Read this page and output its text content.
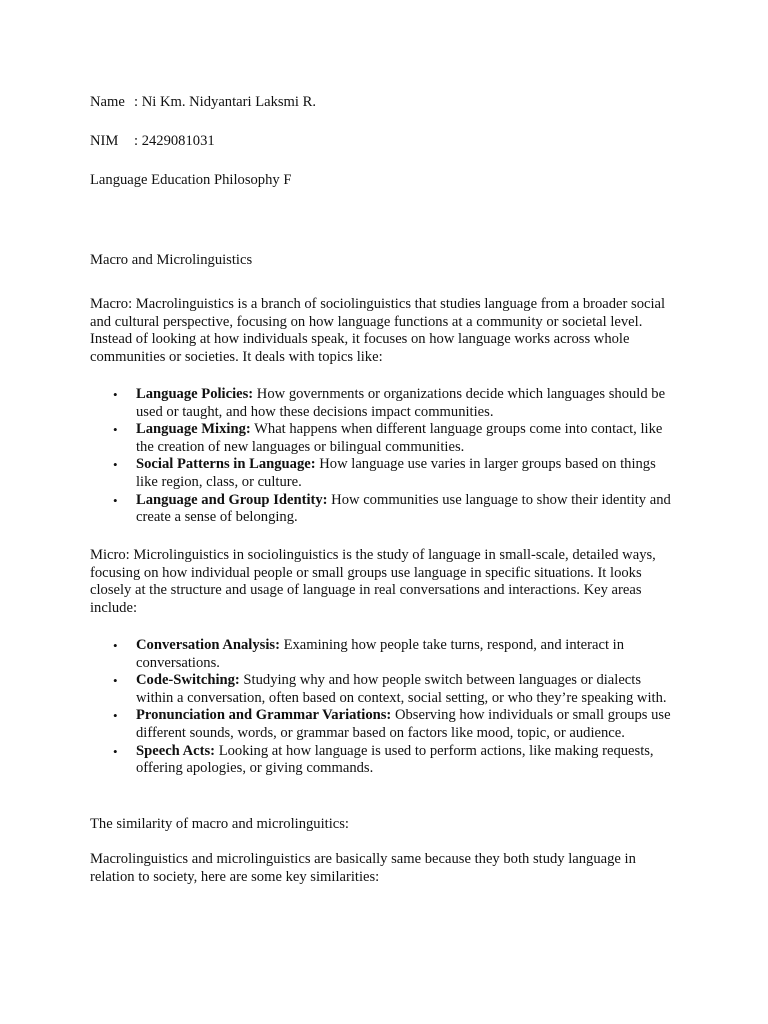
Name : Ni Km. Nidyantari Laksmi R.

NIM : 2429081031

Language Education Philosophy F

Macro and Microlinguistics

Macro: Macrolinguistics is a branch of sociolinguistics that studies language from a broader social and cultural perspective, focusing on how language functions at a community or societal level. Instead of looking at how individuals speak, it focuses on how language works across whole communities or societies. It deals with topics like:

• Language Policies: How governments or organizations decide which languages should be used or taught, and how these decisions impact communities.
• Language Mixing: What happens when different language groups come into contact, like the creation of new languages or bilingual communities.
• Social Patterns in Language: How language use varies in larger groups based on things like region, class, or culture.
• Language and Group Identity: How communities use language to show their identity and create a sense of belonging.

Micro: Microlinguistics in sociolinguistics is the study of language in small-scale, detailed ways, focusing on how individual people or small groups use language in specific situations. It looks closely at the structure and usage of language in real conversations and interactions. Key areas include:

• Conversation Analysis: Examining how people take turns, respond, and interact in conversations.
• Code-Switching: Studying why and how people switch between languages or dialects within a conversation, often based on context, social setting, or who they’re speaking with.
• Pronunciation and Grammar Variations: Observing how individuals or small groups use different sounds, words, or grammar based on factors like mood, topic, or audience.
• Speech Acts: Looking at how language is used to perform actions, like making requests, offering apologies, or giving commands.

The similarity of macro and microlinguitics:

Macrolinguistics and microlinguistics are basically same because they both study language in relation to society, here are some key similarities:
